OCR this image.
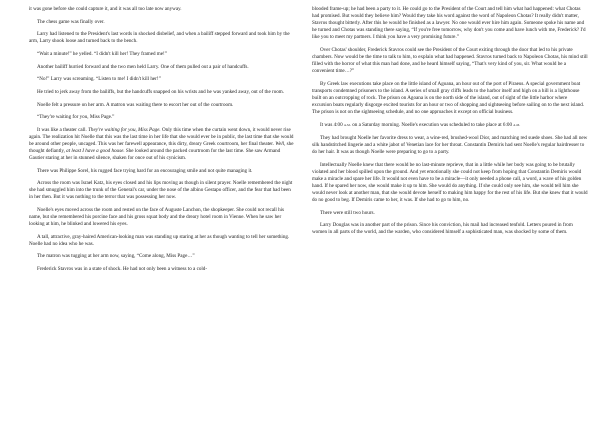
it was gone before she could capture it, and it was all too late now anyway.

The chess game was finally over.

Larry had listened to the President's last words in shocked disbelief, and when a bailiff stepped forward and took him by the arm, Larry shook loose and turned back to the bench.

“Wait a minute!” he yelled. “I didn't kill her! They framed me!”

Another bailiff hurried forward and the two men held Larry. One of them pulled out a pair of handcuffs.

“No!” Larry was screaming. “Listen to me! I didn't kill her!”

He tried to jerk away from the bailiffs, but the handcuffs snapped on his wrists and he was yanked away, out of the room.

Noelle felt a pressure on her arm. A matron was waiting there to escort her out of the courtroom.

“They're waiting for you, Miss Page.”

It was like a theater call. They're waiting for you, Miss Page. Only this time when the curtain went down, it would never rise again. The realization hit Noelle that this was the last time in her life that she would ever be in public, the last time that she would be around other people, uncaged. This was her farewell appearance, this dirty, dreary Greek courtroom, her final theater. Well, she thought defiantly, at least I have a good house. She looked around the packed courtroom for the last time. She saw Armand Gautier staring at her in stunned silence, shaken for once out of his cynicism.

There was Philippe Sorel, his rugged face trying hard for an encouraging smile and not quite managing it.

Across the room was Israel Katz, his eyes closed and his lips moving as though in silent prayer. Noelle remembered the night she had smuggled him into the trunk of the General's car, under the nose of the albino Gestapo officer, and the fear that had been in her then. But it was nothing to the terror that was possessing her now.

Noelle's eyes moved across the room and rested on the face of Auguste Lanchon, the shopkeeper. She could not recall his name, but she remembered his porcine face and his gross squat body and the dreary hotel room in Vienne. When he saw her looking at him, he blinked and lowered his eyes.

A tall, attractive, gray-haired American-looking man was standing up staring at her as though wanting to tell her something. Noelle had no idea who he was.

The matron was tugging at her arm now, saying, “Come along, Miss Page…”

Frederick Stavros was in a state of shock. He had not only been a witness to a cold-

blooded frame-up; he had been a party to it. He could go to the President of the Court and tell him what had happened: what Chotas had promised. But would they believe him? Would they take his word against the word of Napoleon Chotas? It really didn't matter, Stavros thought bitterly. After this he would be finished as a lawyer. No one would ever hire him again. Someone spoke his name and he turned and Chotas was standing there saying, “If you're free tomorrow, why don't you come and have lunch with me, Frederick? I'd like you to meet my partners. I think you have a very promising future.”

Over Chotas' shoulder, Frederick Stavros could see the President of the Court exiting through the door that led to his private chambers. Now would be the time to talk to him, to explain what had happened. Stavros turned back to Napoleon Chotas, his mind still filled with the horror of what this man had done, and he heard himself saying, “That's very kind of you, sir. What would be a convenient time…?”

By Greek law executions take place on the little island of Agoana, an hour out of the port of Piraeus. A special government boat transports condemned prisoners to the island. A series of small gray cliffs leads to the harbor itself and high on a hill is a lighthouse built on an outcropping of rock. The prison on Agoana is on the north side of the island, out of sight of the little harbor where excursion boats regularly disgorge excited tourists for an hour or two of shopping and sightseeing before sailing on to the next island. The prison is not on the sightseeing schedule, and no one approaches it except on official business.

It was 4:00 a.m. on a Saturday morning. Noelle's execution was scheduled to take place at 6:00 a.m.

They had brought Noelle her favorite dress to wear, a wine-red, brushed-wool Dior, and matching red suede shoes. She had all new silk handstitched lingerie and a white jabot of Venetian lace for her throat. Constantin Demiris had sent Noelle's regular hairdresser to do her hair. It was as though Noelle were preparing to go to a party.

Intellectually Noelle knew that there would be no last-minute reprieve, that in a little while her body was going to be brutally violated and her blood spilled upon the ground. And yet emotionally she could not keep from hoping that Constantin Demiris would make a miracle and spare her life. It would not even have to be a miracle—it only needed a phone call, a word, a wave of his golden hand. If he spared her now, she would make it up to him. She would do anything. If she could only see him, she would tell him she would never look at another man, that she would devote herself to making him happy for the rest of his life. But she knew that it would do no good to beg. If Demiris came to her, it was. If she had to go to him, no.

There were still two hours.

Larry Douglas was in another part of the prison. Since his conviction, his mail had increased tenfold. Letters poured in from women in all parts of the world, and the warden, who considered himself a sophisticated man, was shocked by some of them.
